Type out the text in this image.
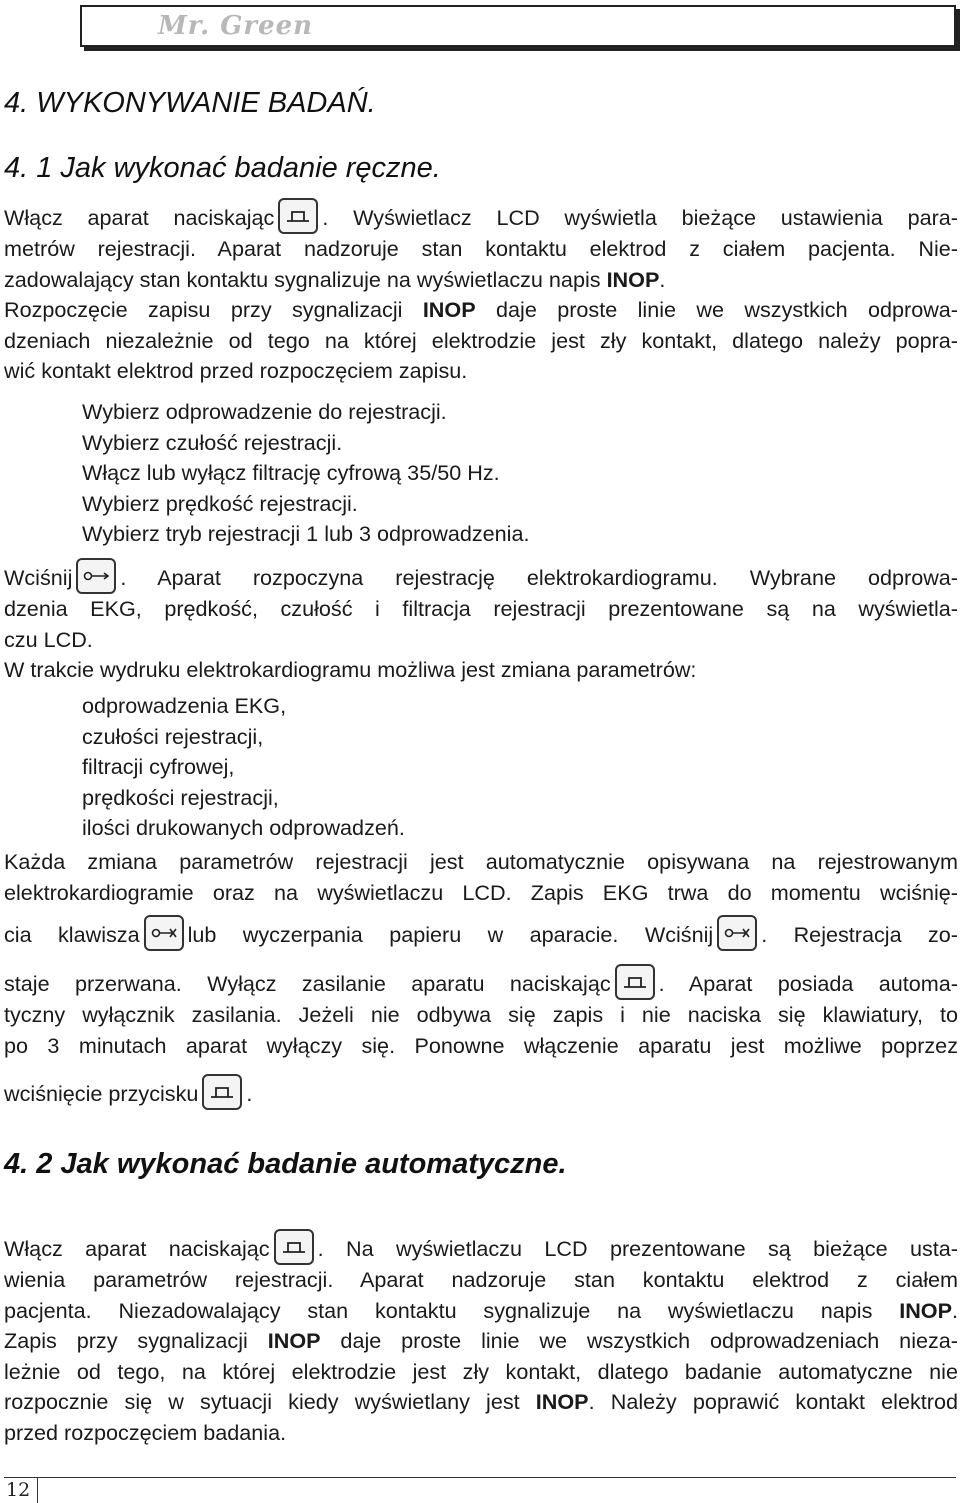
Mr. Green
4. WYKONYWANIE BADAŃ.
4. 1 Jak wykonać badanie ręczne.
Włącz aparat naciskając . Wyświetlacz LCD wyświetla bieżące ustawienia para-
metrów rejestracji. Aparat nadzoruje stan kontaktu elektrod z ciałem pacjenta. Nie-
zadowalający stan kontaktu sygnalizuje na wyświetlaczu napis INOP.
Rozpoczęcie zapisu przy sygnalizacji INOP daje proste linie we wszystkich odprowa-
dzeniach niezależnie od tego na której elektrodzie jest zły kontakt, dlatego należy popra-
wić kontakt elektrod przed rozpoczęciem zapisu.
Wybierz odprowadzenie do rejestracji.
Wybierz czułość rejestracji.
Włącz lub wyłącz filtrację cyfrową 35/50 Hz.
Wybierz prędkość rejestracji.
Wybierz tryb rejestracji 1 lub 3 odprowadzenia.
Wciśnij . Aparat rozpoczyna rejestrację elektrokardiogramu. Wybrane odprowa-
dzenia EKG, prędkość, czułość i filtracja rejestracji prezentowane są na wyświetla-
czu LCD.
W trakcie wydruku elektrokardiogramu możliwa jest zmiana parametrów:
odprowadzenia EKG,
czułości rejestracji,
filtracji cyfrowej,
prędkości rejestracji,
ilości drukowanych odprowadzeń.
Każda zmiana parametrów rejestracji jest automatycznie opisywana na rejestrowanym
elektrokardiogramie oraz na wyświetlaczu LCD. Zapis EKG trwa do momentu wciśnię-
cia klawisza lub wyczerpania papieru w aparacie. Wciśnij . Rejestracja zo-
staje przerwana. Wyłącz zasilanie aparatu naciskając . Aparat posiada automa-
tyczny wyłącznik zasilania. Jeżeli nie odbywa się zapis i nie naciska się klawiatury, to
po 3 minutach aparat wyłączy się. Ponowne włączenie aparatu jest możliwe poprzez
wciśnięcie przycisku .
4. 2 Jak wykonać badanie automatyczne.
Włącz aparat naciskając . Na wyświetlaczu LCD prezentowane są bieżące usta-
wienia parametrów rejestracji. Aparat nadzoruje stan kontaktu elektrod z ciałem
pacjenta. Niezadowalający stan kontaktu sygnalizuje na wyświetlaczu napis INOP.
Zapis przy sygnalizacji INOP daje proste linie we wszystkich odprowadzeniach nieza-
leżnie od tego, na której elektrodzie jest zły kontakt, dlatego badanie automatyczne nie
rozpocznie się w sytuacji kiedy wyświetlany jest INOP. Należy poprawić kontakt elektrod
przed rozpoczęciem badania.
12
